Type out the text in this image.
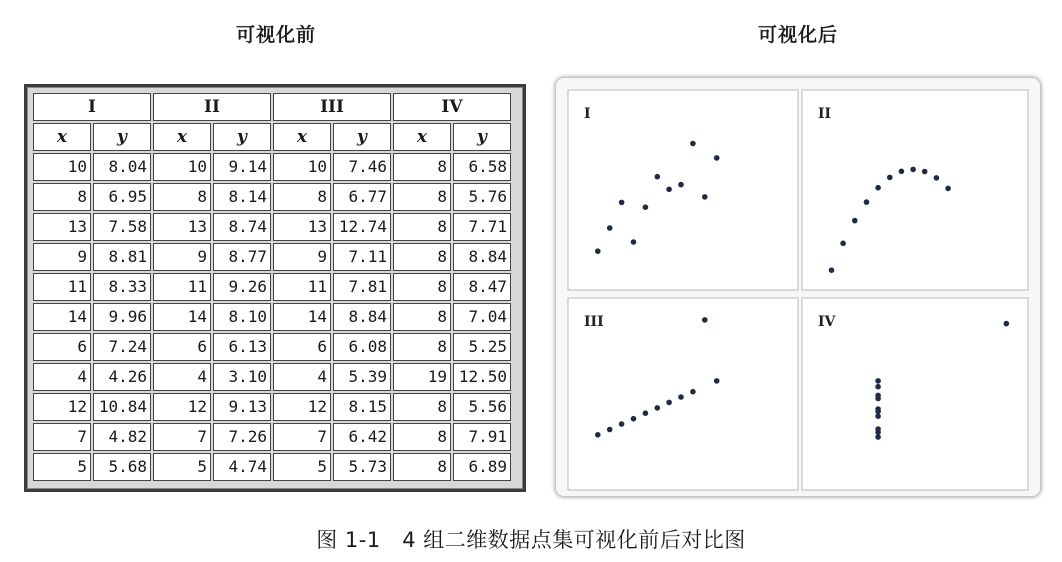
可视化前	可视化后
I		II		III		IV	
x	y	x	y	x	y	x	y
10	8.04	10	9.14	10	7.46	8	6.58
8	6.95	8	8.14	8	6.77	8	5.76
13	7.58	13	8.74	13	12.74	8	7.71
9	8.81	9	8.77	9	7.11	8	8.84
11	8.33	11	9.26	11	7.81	8	8.47
14	9.96	14	8.10	14	8.84	8	7.04
6	7.24	6	6.13	6	6.08	8	5.25
4	4.26	4	3.10	4	5.39	19	12.50
12	10.84	12	9.13	12	8.15	8	5.56
7	4.82	7	7.26	7	6.42	8	7.91
5	5.68	5	4.74	5	5.73	8	6.89
I	II
III	IV
图 1-1　4 组二维数据点集可视化前后对比图
